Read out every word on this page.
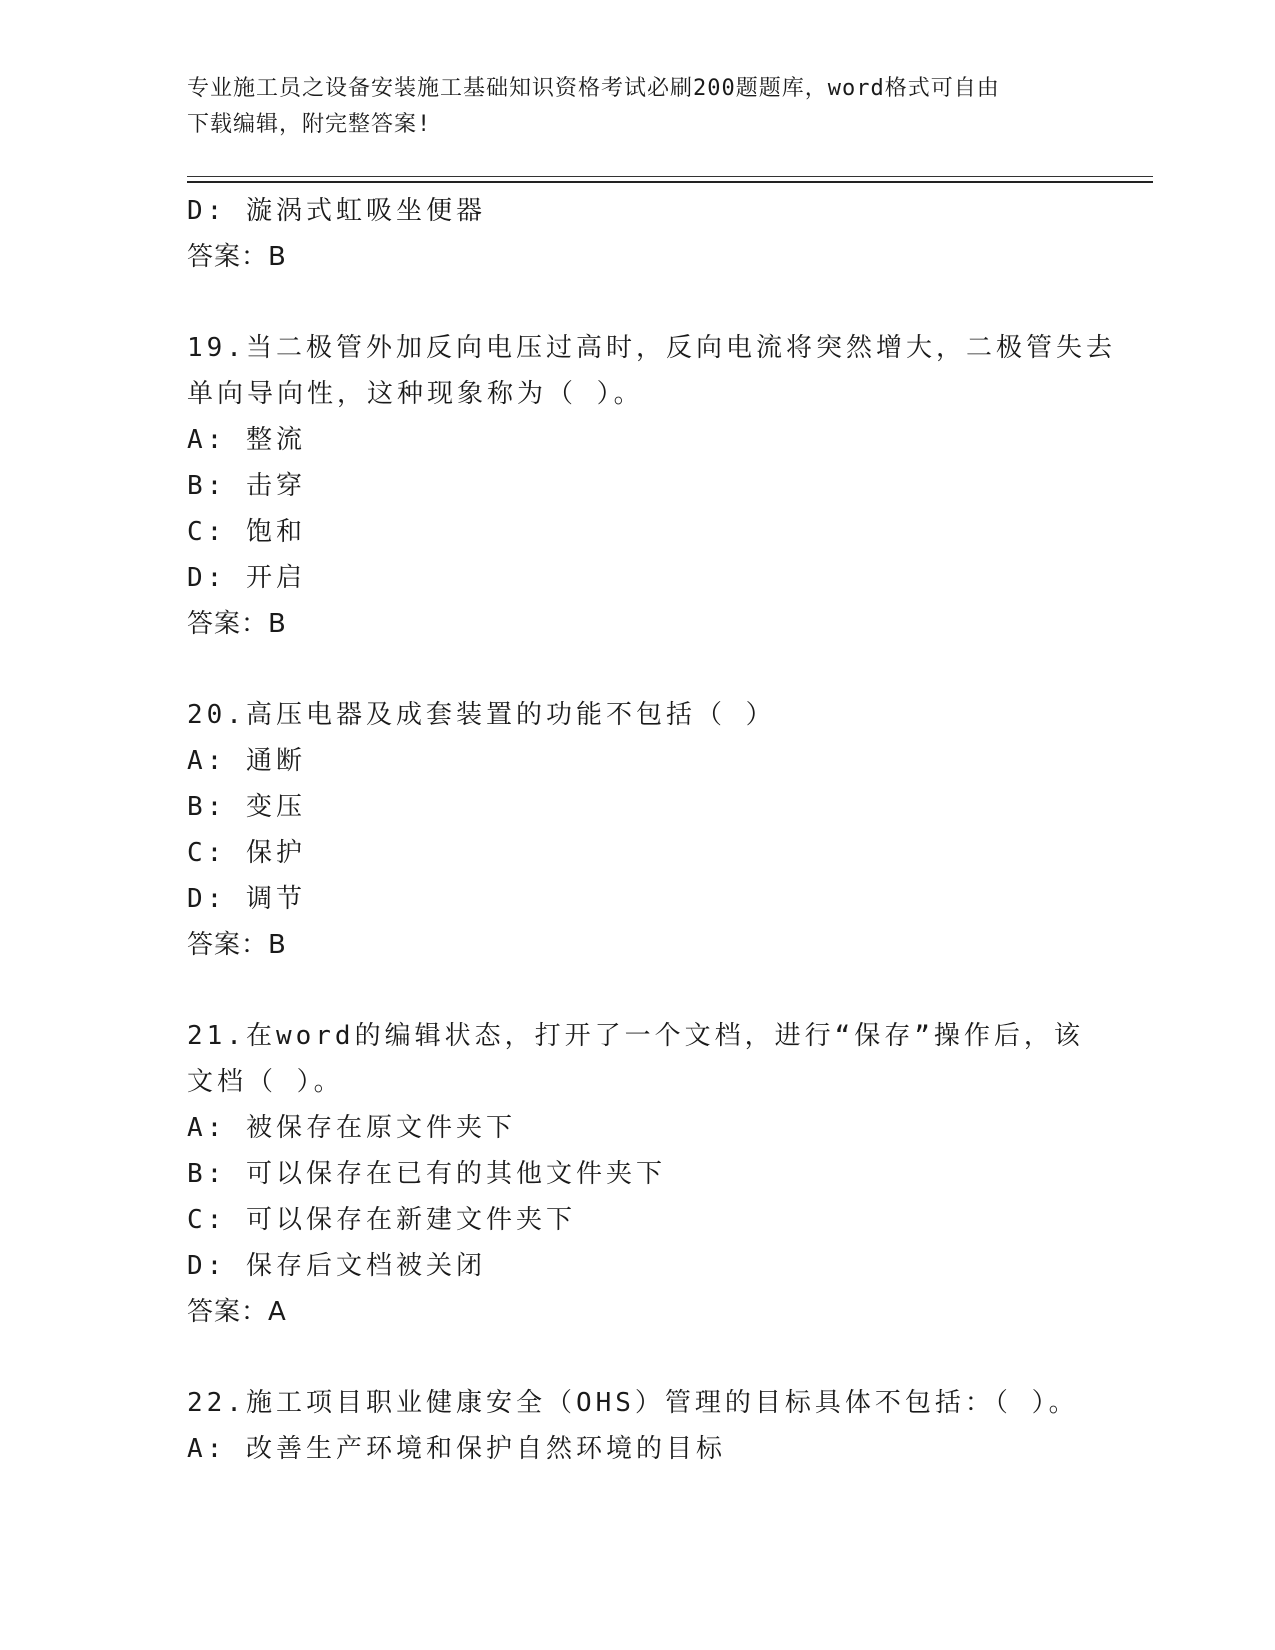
专业施工员之设备安装施工基础知识资格考试必刷200题题库，word格式可自由
下载编辑，附完整答案!
D: 漩涡式虹吸坐便器
答案：B
19.当二极管外加反向电压过高时，反向电流将突然增大，二极管失去
单向导向性，这种现象称为（ ）。
A: 整流
B: 击穿
C: 饱和
D: 开启
答案：B
20.高压电器及成套装置的功能不包括（ ）
A: 通断
B: 变压
C: 保护
D: 调节
答案：B
21.在word的编辑状态，打开了一个文档，进行“保存”操作后，该
文档（ ）。
A: 被保存在原文件夹下
B: 可以保存在已有的其他文件夹下
C: 可以保存在新建文件夹下
D: 保存后文档被关闭
答案：A
22.施工项目职业健康安全（OHS）管理的目标具体不包括：（ ）。
A: 改善生产环境和保护自然环境的目标
